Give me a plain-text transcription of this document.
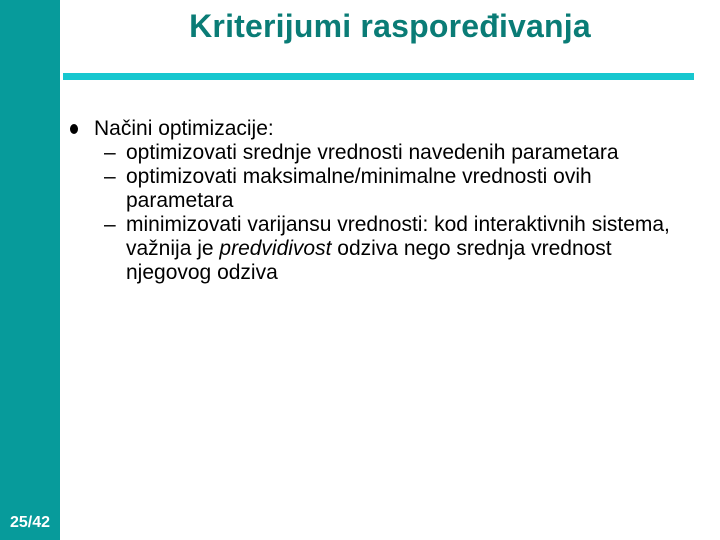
25/42
Kriterijumi raspoređivanja
Načini optimizacije:
– optimizovati srednje vrednosti navedenih parametara
– optimizovati maksimalne/minimalne vrednosti ovih parametara
– minimizovati varijansu vrednosti: kod interaktivnih sistema, važnija je predvidivost odziva nego srednja vrednost njegovog odziva
